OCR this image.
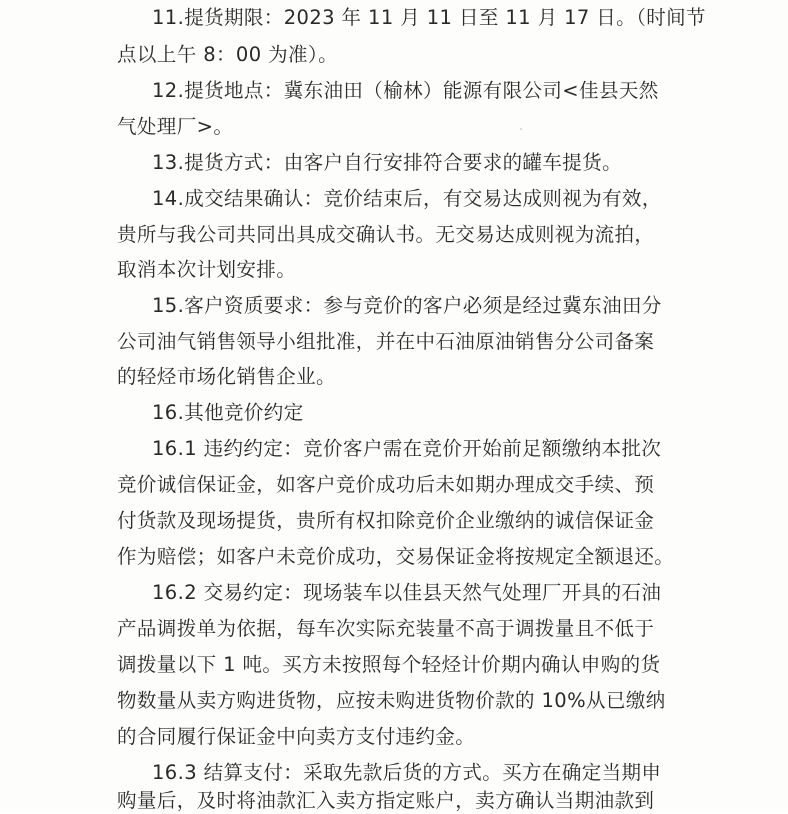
11.提货期限：2023 年 11 月 11 日至 11 月 17 日。（时间节
点以上午 8：00 为准）。
12.提货地点：冀东油田（榆林）能源有限公司<佳县天然
气处理厂>。
13.提货方式：由客户自行安排符合要求的罐车提货。
14.成交结果确认：竞价结束后，有交易达成则视为有效，
贵所与我公司共同出具成交确认书。无交易达成则视为流拍，
取消本次计划安排。
15.客户资质要求：参与竞价的客户必须是经过冀东油田分
公司油气销售领导小组批准，并在中石油原油销售分公司备案
的轻烃市场化销售企业。
16.其他竞价约定
16.1 违约约定：竞价客户需在竞价开始前足额缴纳本批次
竞价诚信保证金，如客户竞价成功后未如期办理成交手续、预
付货款及现场提货，贵所有权扣除竞价企业缴纳的诚信保证金
作为赔偿；如客户未竞价成功，交易保证金将按规定全额退还。
16.2 交易约定：现场装车以佳县天然气处理厂开具的石油
产品调拨单为依据，每车次实际充装量不高于调拨量且不低于
调拨量以下 1 吨。买方未按照每个轻烃计价期内确认申购的货
物数量从卖方购进货物，应按未购进货物价款的 10%从已缴纳
的合同履行保证金中向卖方支付违约金。
16.3 结算支付：采取先款后货的方式。买方在确定当期申
购量后，及时将油款汇入卖方指定账户，卖方确认当期油款到
